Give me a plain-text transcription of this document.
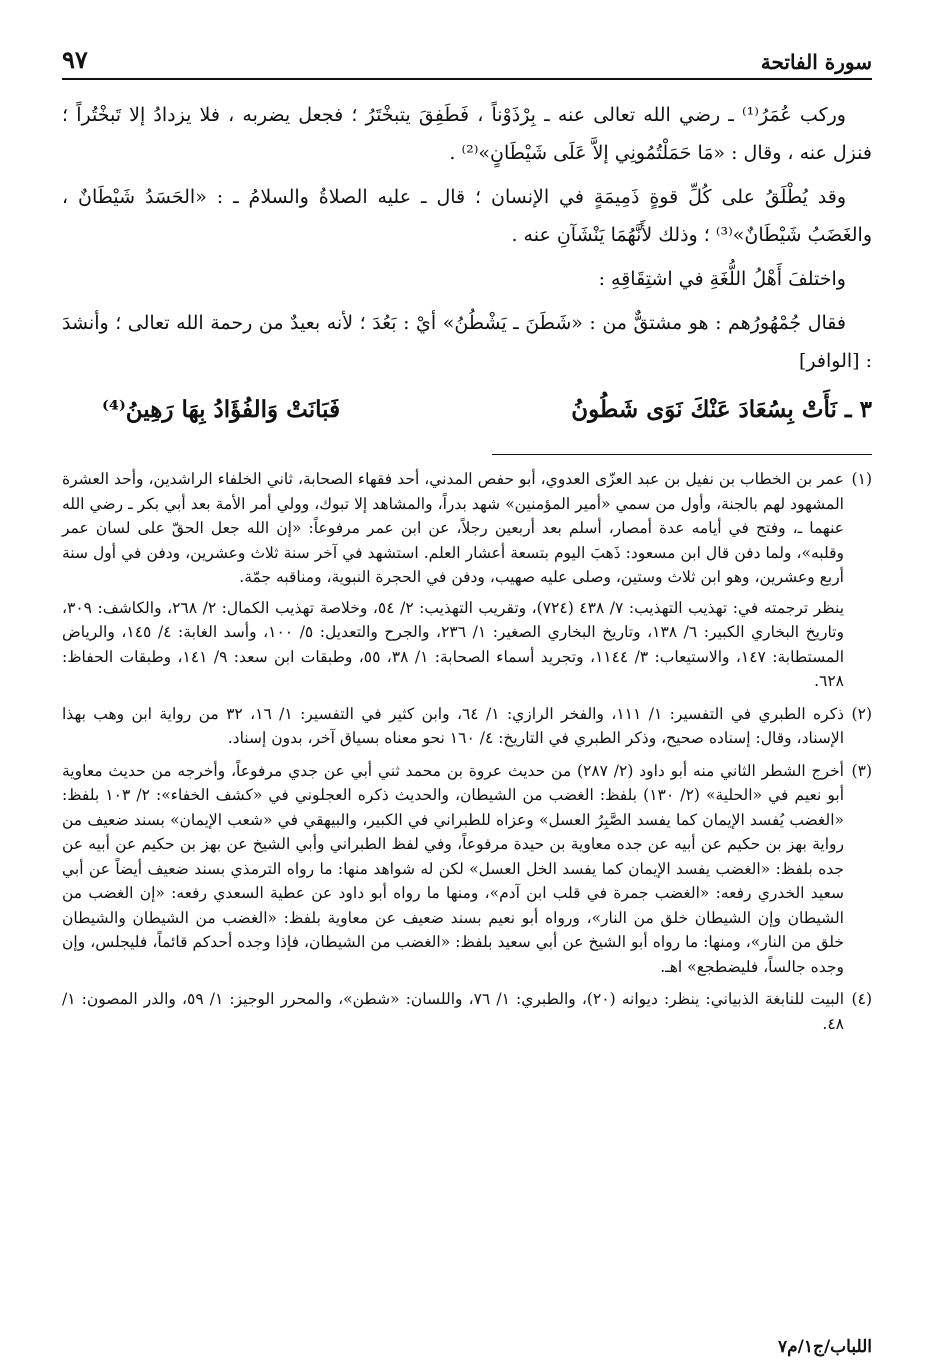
سورة الفاتحة
٩٧

وركب عُمَرُ⁽¹⁾ ـ رضي الله تعالى عنه ـ بِرْذَوْناً ، فَطَفِقَ يتبخْتَرُ ؛ فجعل يضربه ، فلا يزدادُ إلا تَبخْتُراً ؛ فنزل عنه ، وقال : «مَا حَمَلْتُمُونِي إلاَّ عَلَى شَيْطَانٍ»⁽²⁾ .

وقد يُطْلَقُ على كُلِّ قوةٍ ذَمِيمَةٍ في الإنسان ؛ قال ـ عليه الصلاةُ والسلامُ ـ : «الحَسَدُ شَيْطَانٌ ، والغَضَبُ شَيْطَانٌ»⁽³⁾ ؛ وذلك لأَنَّهُمَا يَنْشَآنِ عنه .

واختلفَ أَهْلُ اللُّغَةِ في اشتِقَاقِهِ :

فقال جُمْهُورُهم : هو مشتقٌّ من : «شَطَنَ ـ يَشْطُنُ» أيْ : بَعُدَ ؛ لأنه بعيدٌ من رحمة الله تعالى ؛ وأنشدَ : [الوافر]

٣ ـ نَأَتْ بِسُعَادَ عَنْكَ نَوَى شَطُونُ
فَبَانَتْ وَالفُؤَادُ بِهَا رَهِينُ⁽⁴⁾
(١)

عمر بن الخطاب بن نفيل بن عبد العزّى العدوي، أبو حفص المدني، أحد فقهاء الصحابة، ثاني الخلفاء الراشدين، وأحد العشرة المشهود لهم بالجنة، وأول من سمي «أمير المؤمنين» شهد بدراً، والمشاهد إلا تبوك، وولي أمر الأمة بعد أبي بكر ـ رضي الله عنهما ـ، وفتح في أيامه عدة أمصار، أسلم بعد أربعين رجلاً، عن ابن عمر مرفوعاً: «إن الله جعل الحقّ على لسان عمر وقلبه»، ولما دفن قال ابن مسعود: ذَهبَ اليوم بتسعة أعشار العلم. استشهد في آخر سنة ثلاث وعشرين، ودفن في أول سنة أربع وعشرين، وهو ابن ثلاث وستين، وصلى عليه صهيب، ودفن في الحجرة النبوية، ومناقبه جمّة.

ينظر ترجمته في: تهذيب التهذيب: ٧/ ٤٣٨ (٧٢٤)، وتقريب التهذيب: ٢/ ٥٤، وخلاصة تهذيب الكمال: ٢/ ٢٦٨، والكاشف: ٣٠٩، وتاريخ البخاري الكبير: ٦/ ١٣٨، وتاريخ البخاري الصغير: ١/ ٢٣٦، والجرح والتعديل: ٥/ ١٠٠، وأسد الغابة: ٤/ ١٤٥، والرياض المستطابة: ١٤٧، والاستيعاب: ٣/ ١١٤٤، وتجريد أسماء الصحابة: ١/ ٣٨، ٥٥، وطبقات ابن سعد: ٩/ ١٤١، وطبقات الحفاظ: ٦٢٨.

(٢)

ذكره الطبري في التفسير: ١/ ١١١، والفخر الرازي: ١/ ٦٤، وابن كثير في التفسير: ١/ ١٦، ٣٢ من رواية ابن وهب بهذا الإسناد، وقال: إسناده صحيح، وذكر الطبري في التاريخ: ٤/ ١٦٠ نحو معناه بسياق آخر، بدون إسناد.

(٣)

أخرج الشطر الثاني منه أبو داود (٢/ ٢٨٧) من حديث عروة بن محمد ثني أبي عن جدي مرفوعاً، وأخرجه من حديث معاوية أبو نعيم في «الحلية» (٢/ ١٣٠) بلفظ: الغضب من الشيطان، والحديث ذكره العجلوني في «كشف الخفاء»: ٢/ ١٠٣ بلفظ: «الغضب يُفسد الإيمان كما يفسد الصَّبِرُ العسل» وعزاه للطبراني في الكبير، والبيهقي في «شعب الإيمان» بسند ضعيف من رواية بهز بن حكيم عن أبيه عن جده معاوية بن حيدة مرفوعاً، وفي لفظ الطبراني وأبي الشيخ عن بهز بن حكيم عن أبيه عن جده بلفظ: «الغضب يفسد الإيمان كما يفسد الخل العسل» لكن له شواهد منها: ما رواه الترمذي بسند ضعيف أيضاً عن أبي سعيد الخدري رفعه: «الغضب جمرة في قلب ابن آدم»، ومنها ما رواه أبو داود عن عطية السعدي رفعه: «إن الغضب من الشيطان وإن الشيطان خلق من النار»، ورواه أبو نعيم بسند ضعيف عن معاوية بلفظ: «الغضب من الشيطان والشيطان خلق من النار»، ومنها: ما رواه أبو الشيخ عن أبي سعيد بلفظ: «الغضب من الشيطان، فإذا وجده أحدكم قائماً، فليجلس، وإن وجده جالساً، فليضطجع» اهـ.

(٤)

البيت للنابغة الذبياني: ينظر: ديوانه (٢٠)، والطبري: ١/ ٧٦، واللسان: «شطن»، والمحرر الوجيز: ١/ ٥٩، والدر المصون: ١/ ٤٨.

اللباب/ج١/م٧
